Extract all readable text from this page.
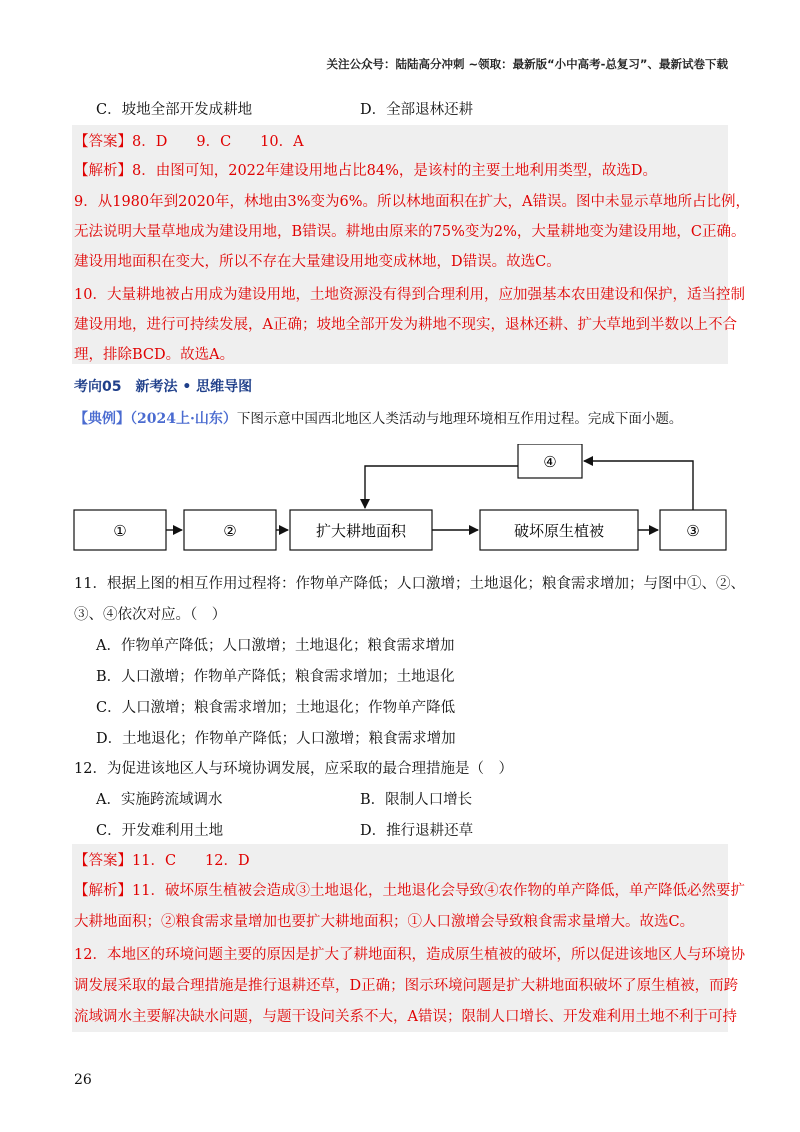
关注公众号：陆陆高分冲刺 ~领取：最新版“小中高考-总复习”、最新试卷下载
C．坡地全部开发成耕地	D．全部退林还耕
【答案】8．D　　9．C　　10．A
【解析】8．由图可知，2022年建设用地占比84%，是该村的主要土地利用类型，故选D。
9．从1980年到2020年，林地由3%变为6%。所以林地面积在扩大，A错误。图中未显示草地所占比例，
无法说明大量草地成为建设用地，B错误。耕地由原来的75%变为2%，大量耕地变为建设用地，C正确。
建设用地面积在变大，所以不存在大量建设用地变成林地，D错误。故选C。
10．大量耕地被占用成为建设用地，土地资源没有得到合理利用，应加强基本农田建设和保护，适当控制
建设用地，进行可持续发展，A正确；坡地全部开发为耕地不现实，退林还耕、扩大草地到半数以上不合
理，排除BCD。故选A。
考向05　新考法 • 思维导图
【典例】（2024上·山东）下图示意中国西北地区人类活动与地理环境相互作用过程。完成下面小题。
①	②	扩大耕地面积	破坏原生植被	③
④
11．根据上图的相互作用过程将：作物单产降低；人口激增；土地退化；粮食需求增加；与图中①、②、
③、④依次对应。（　）
A．作物单产降低；人口激增；土地退化；粮食需求增加
B．人口激增；作物单产降低；粮食需求增加；土地退化
C．人口激增；粮食需求增加；土地退化；作物单产降低
D．土地退化；作物单产降低；人口激增；粮食需求增加
12．为促进该地区人与环境协调发展，应采取的最合理措施是（　）
A．实施跨流域调水	B．限制人口增长
C．开发难利用土地	D．推行退耕还草
【答案】11．C　　12．D
【解析】11．破坏原生植被会造成③土地退化，土地退化会导致④农作物的单产降低，单产降低必然要扩
大耕地面积；②粮食需求量增加也要扩大耕地面积；①人口激增会导致粮食需求量增大。故选C。
12．本地区的环境问题主要的原因是扩大了耕地面积，造成原生植被的破坏，所以促进该地区人与环境协
调发展采取的最合理措施是推行退耕还草，D正确；图示环境问题是扩大耕地面积破坏了原生植被，而跨
流域调水主要解决缺水问题，与题干设问关系不大，A错误；限制人口增长、开发难利用土地不利于可持
26
